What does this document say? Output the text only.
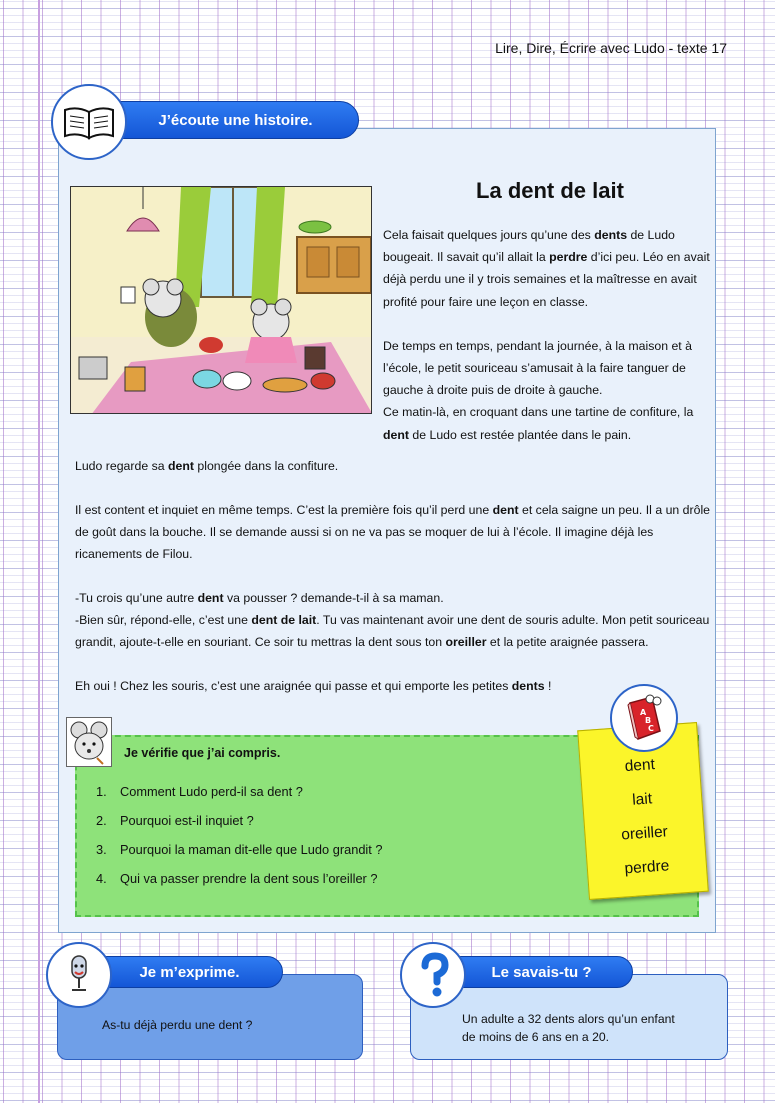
Lire, Dire, Écrire avec Ludo - texte 17
J’écoute une histoire.
La dent de lait

Cela faisait quelques jours qu’une des dents de Ludo bougeait. Il savait qu’il allait la perdre d’ici peu. Léo en avait déjà perdu une il y trois semaines et la maîtresse en avait profité pour faire une leçon en classe.

De temps en temps, pendant la journée, à la maison et à l’école, le petit souriceau s’amusait à la faire tanguer de gauche à droite puis de droite à gauche.

Ce matin-là, en croquant dans une tartine de confiture, la dent de Ludo est restée plantée dans le pain.

Ludo regarde sa dent plongée dans la confiture.

Il est content et inquiet en même temps. C’est la première fois qu’il perd une dent et cela saigne un peu. Il a un drôle de goût dans la bouche. Il se demande aussi si on ne va pas se moquer de lui à l’école. Il imagine déjà les ricanements de Filou.

-Tu crois qu’une autre dent va pousser ? demande-t-il à sa maman.

-Bien sûr, répond-elle, c’est une dent de lait. Tu vas maintenant avoir une dent de souris adulte. Mon petit souriceau grandit, ajoute-t-elle en souriant. Ce soir tu mettras la dent sous ton oreiller et la petite araignée passera.

Eh oui ! Chez les souris, c’est une araignée qui passe et qui emporte les petites dents !

Je vérifie que j’ai compris.
1.	Comment Ludo perd-il sa dent ?
2.	Pourquoi est-il inquiet ?
3.	Pourquoi la maman dit-elle que Ludo grandit ?
4.	Qui va passer prendre la dent sous l’oreiller ?
dent
lait
oreiller
perdre
A
B
C
Je m’exprime.
As-tu déjà perdu une dent ?
Le savais-tu ?
Un adulte a 32 dents alors qu’un enfant
de moins de 6 ans en a 20.
